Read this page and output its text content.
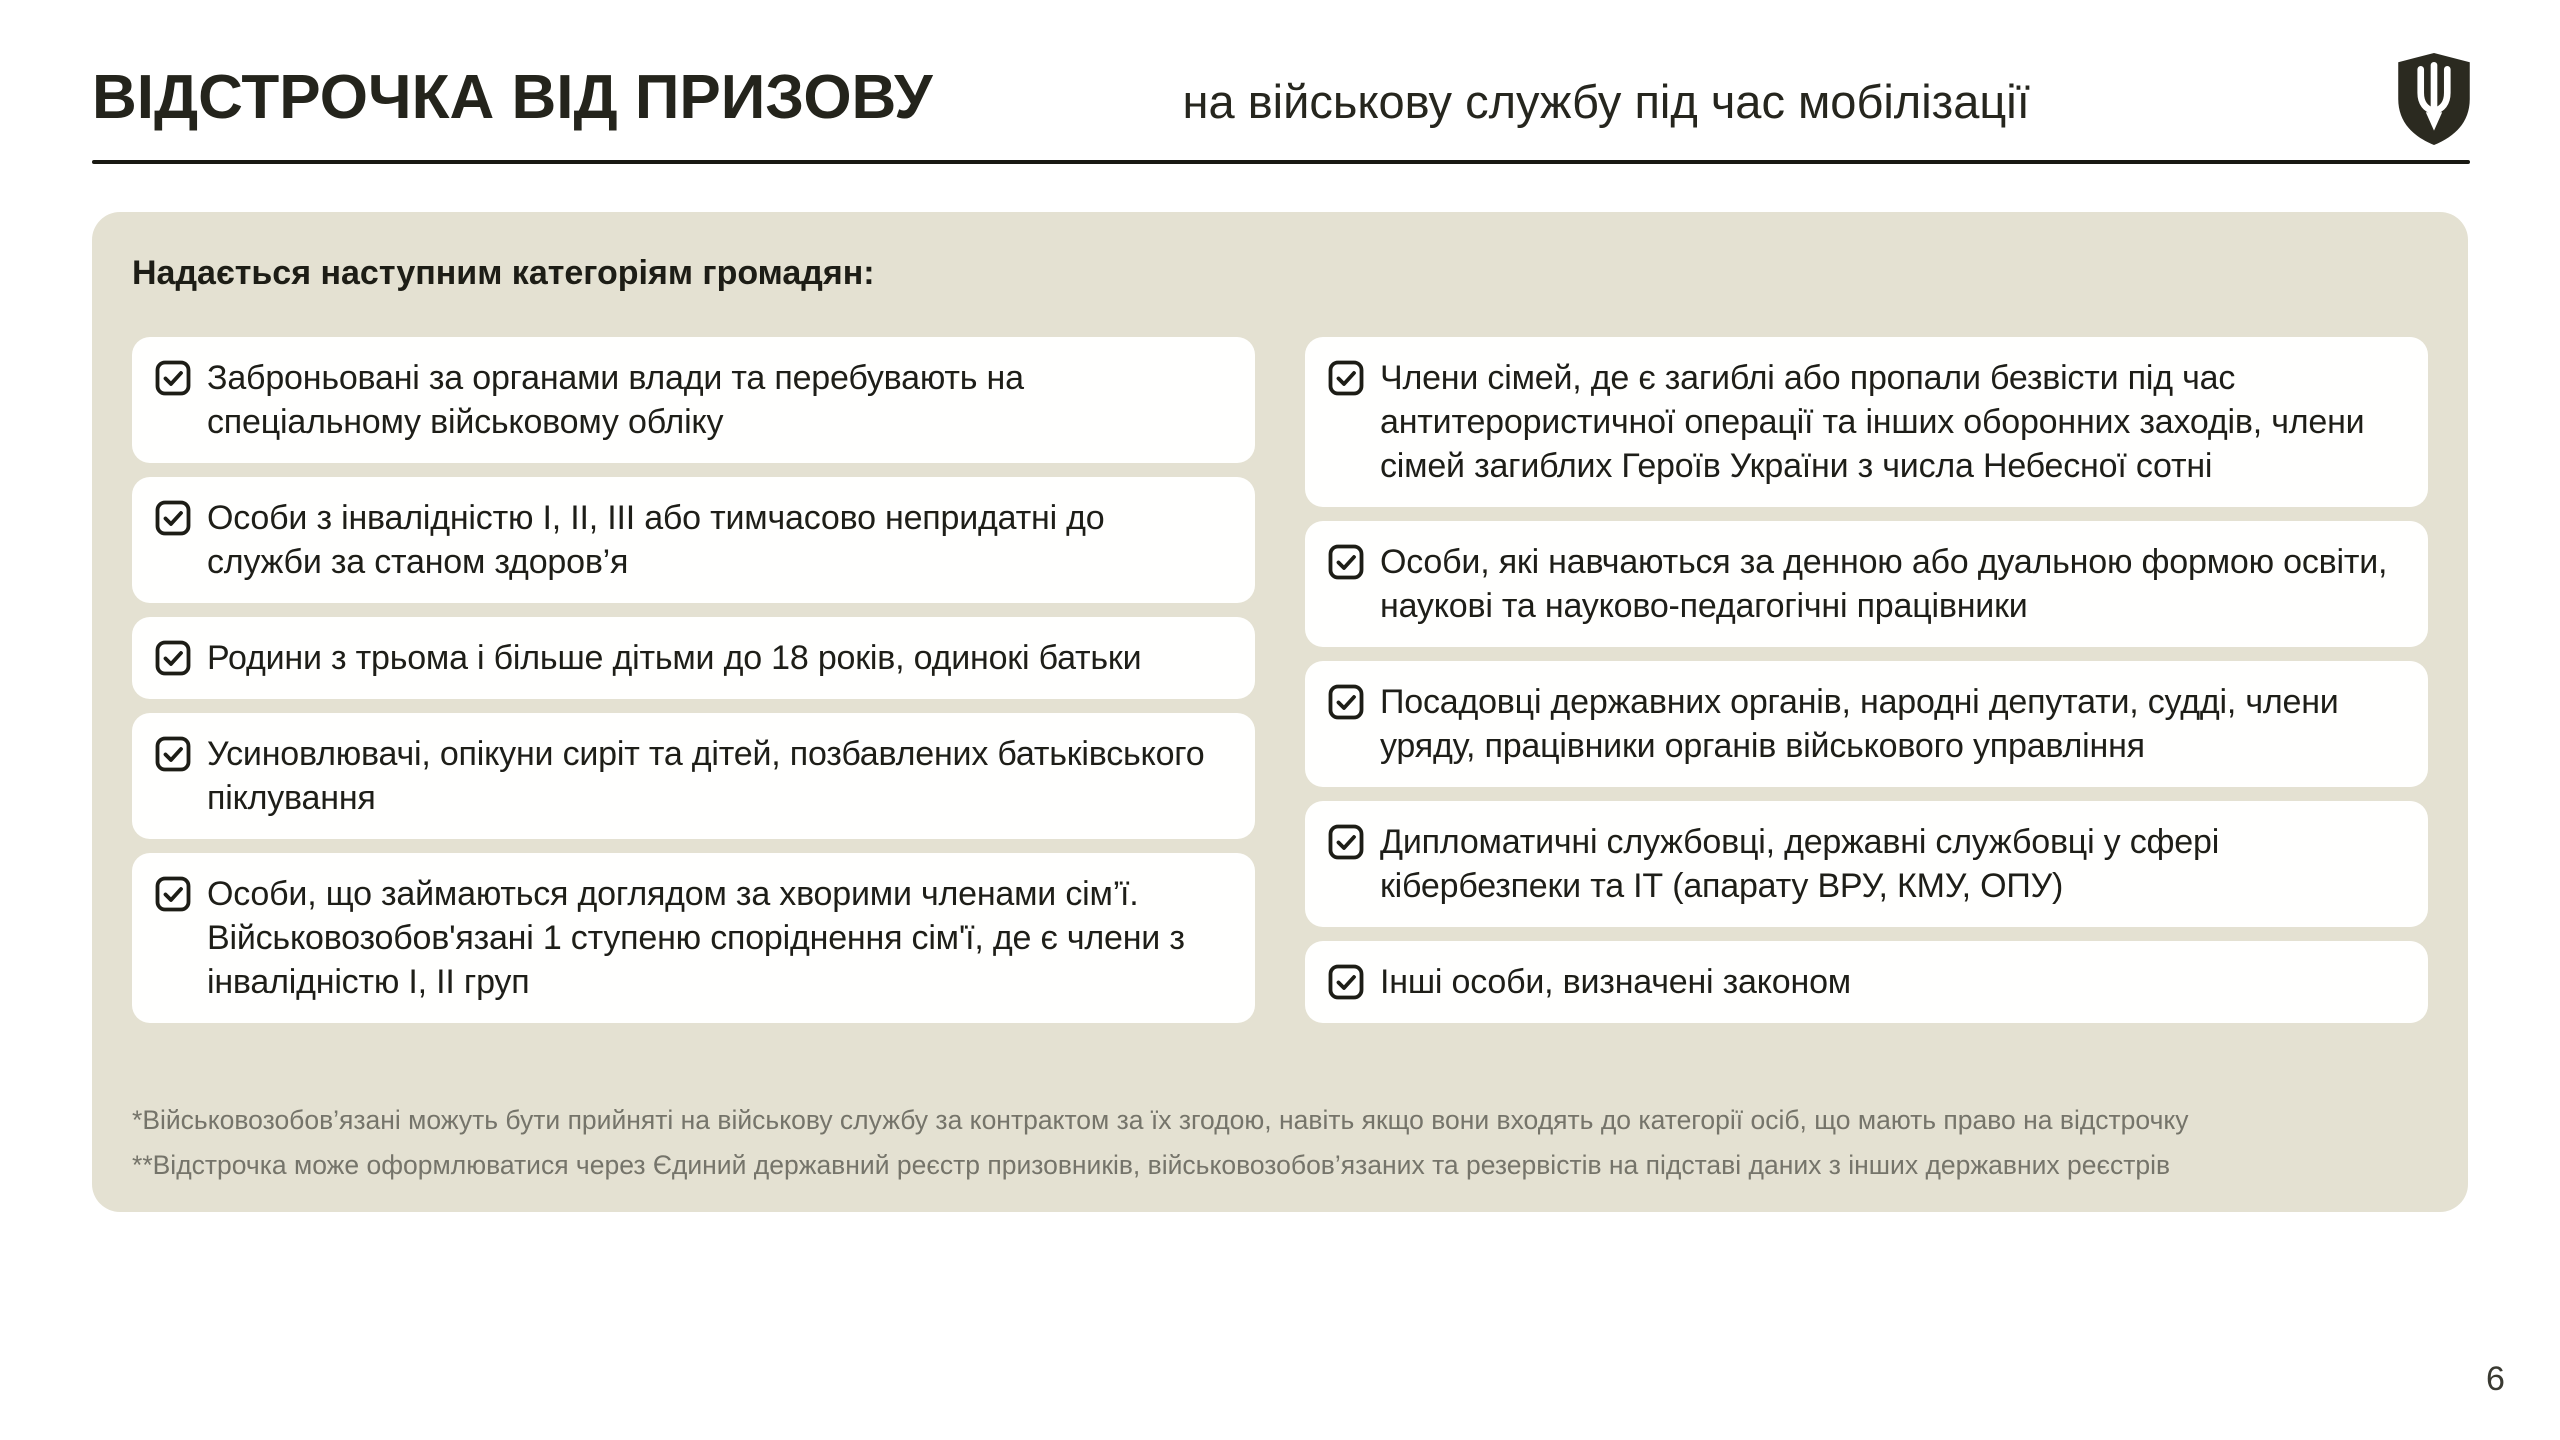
ВІДСТРОЧКА ВІД ПРИЗОВУ	на військову службу під час мобілізації
Надається наступним категоріям громадян:
Заброньовані за органами влади та перебувають на спеціальному військовому обліку
Особи з інвалідністю І, ІІ, ІІІ або тимчасово непридатні до служби за станом здоров’я
Родини з трьома і більше дітьми до 18 років, одинокі батьки
Усиновлювачі, опікуни сиріт та дітей, позбавлених батьківського піклування
Особи, що займаються доглядом за хворими членами сім’ї. Військовозобов'язані 1 ступеню споріднення сім'ї, де є члени з інвалідністю І, ІІ груп
Члени сімей, де є загиблі або пропали безвісти під час антитерористичної операції та інших оборонних заходів, члени сімей загиблих Героїв України з числа Небесної сотні
Особи, які навчаються за денною або дуальною формою освіти, наукові та науково-педагогічні працівники
Посадовці державних органів, народні депутати, судді, члени уряду, працівники органів військового управління
Дипломатичні службовці, державні службовці у сфері кібербезпеки та ІТ (апарату ВРУ, КМУ, ОПУ)
Інші особи, визначені законом

*Військовозобов’язані можуть бути прийняті на військову службу за контрактом за їх згодою, навіть якщо вони входять до категорії осіб, що мають право на відстрочку

**Відстрочка може оформлюватися через Єдиний державний реєстр призовників, військовозобов’язаних та резервістів на підставі даних з інших державних реєстрів

6
